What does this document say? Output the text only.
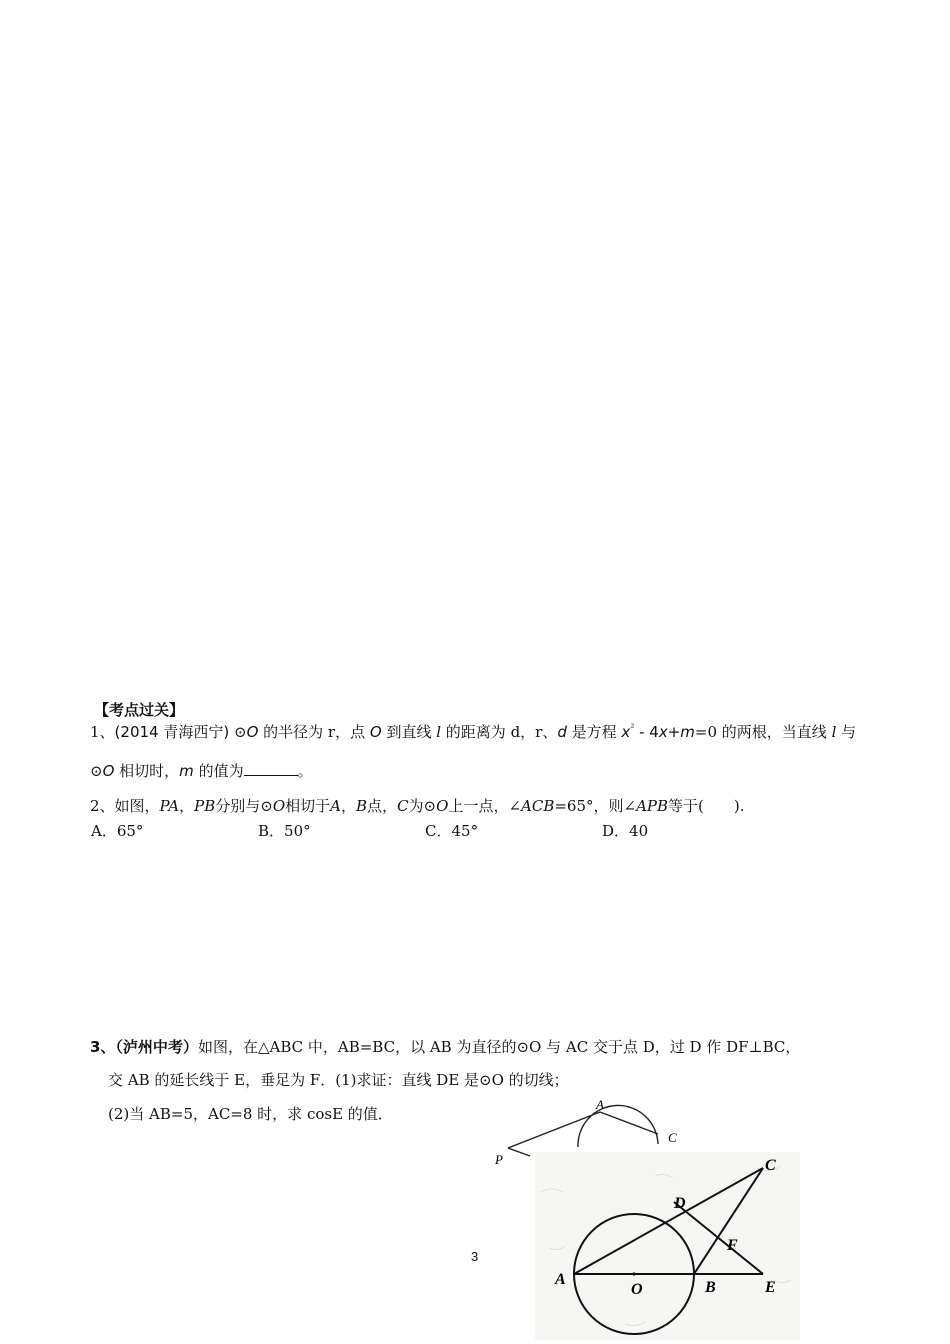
【考点过关】
1、(2014 青海西宁) ⊙O 的半径为 r，点 O 到直线 l 的距离为 d，r、d 是方程 $x^{^2} - 4x+m=0$ 的两根，当直线 l 与
⊙O 相切时，m 的值为	。
2、如图，PA，PB分别与⊙O相切于A，B点，C为⊙O上一点，∠ACB=65°，则∠APB等于(　　).
A．65°	B．50°	C．45°	D．40
3、（泸州中考）如图，在△ABC 中，AB=BC，以 AB 为直径的⊙O 与 AC 交于点 D，过 D 作 DF⊥BC，
交 AB 的延长线于 E，垂足为 F．(1)求证：直线 DE 是⊙O 的切线；
(2)当 AB=5，AC=8 时，求 cosE 的值．
A
C
P
A
O	B	E
D
F
C
3
